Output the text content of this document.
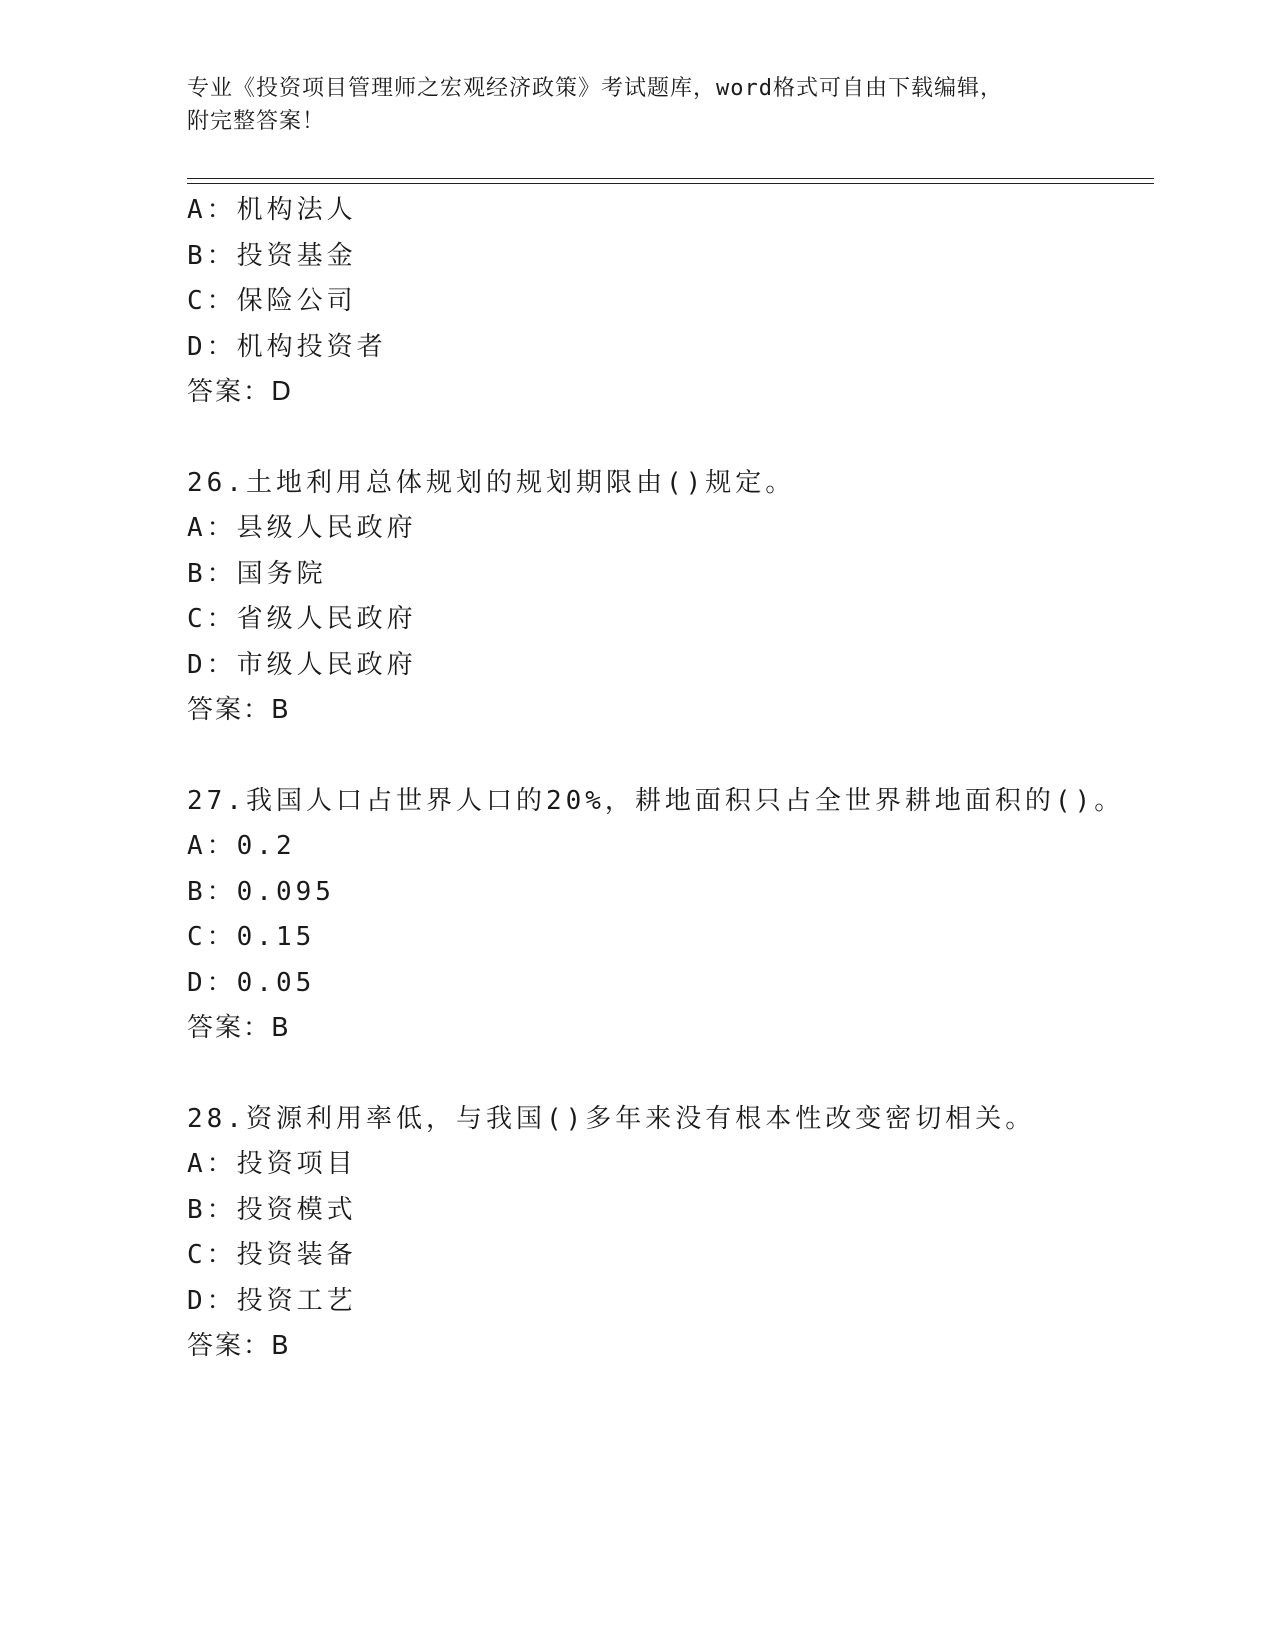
专业《投资项目管理师之宏观经济政策》考试题库，word格式可自由下载编辑，
附完整答案！
A：机构法人
B：投资基金
C：保险公司
D：机构投资者
答案：D
26.土地利用总体规划的规划期限由()规定。
A：县级人民政府
B：国务院
C：省级人民政府
D：市级人民政府
答案：B
27.我国人口占世界人口的20%，耕地面积只占全世界耕地面积的()。
A：0.2
B：0.095
C：0.15
D：0.05
答案：B
28.资源利用率低，与我国()多年来没有根本性改变密切相关。
A：投资项目
B：投资模式
C：投资装备
D：投资工艺
答案：B
